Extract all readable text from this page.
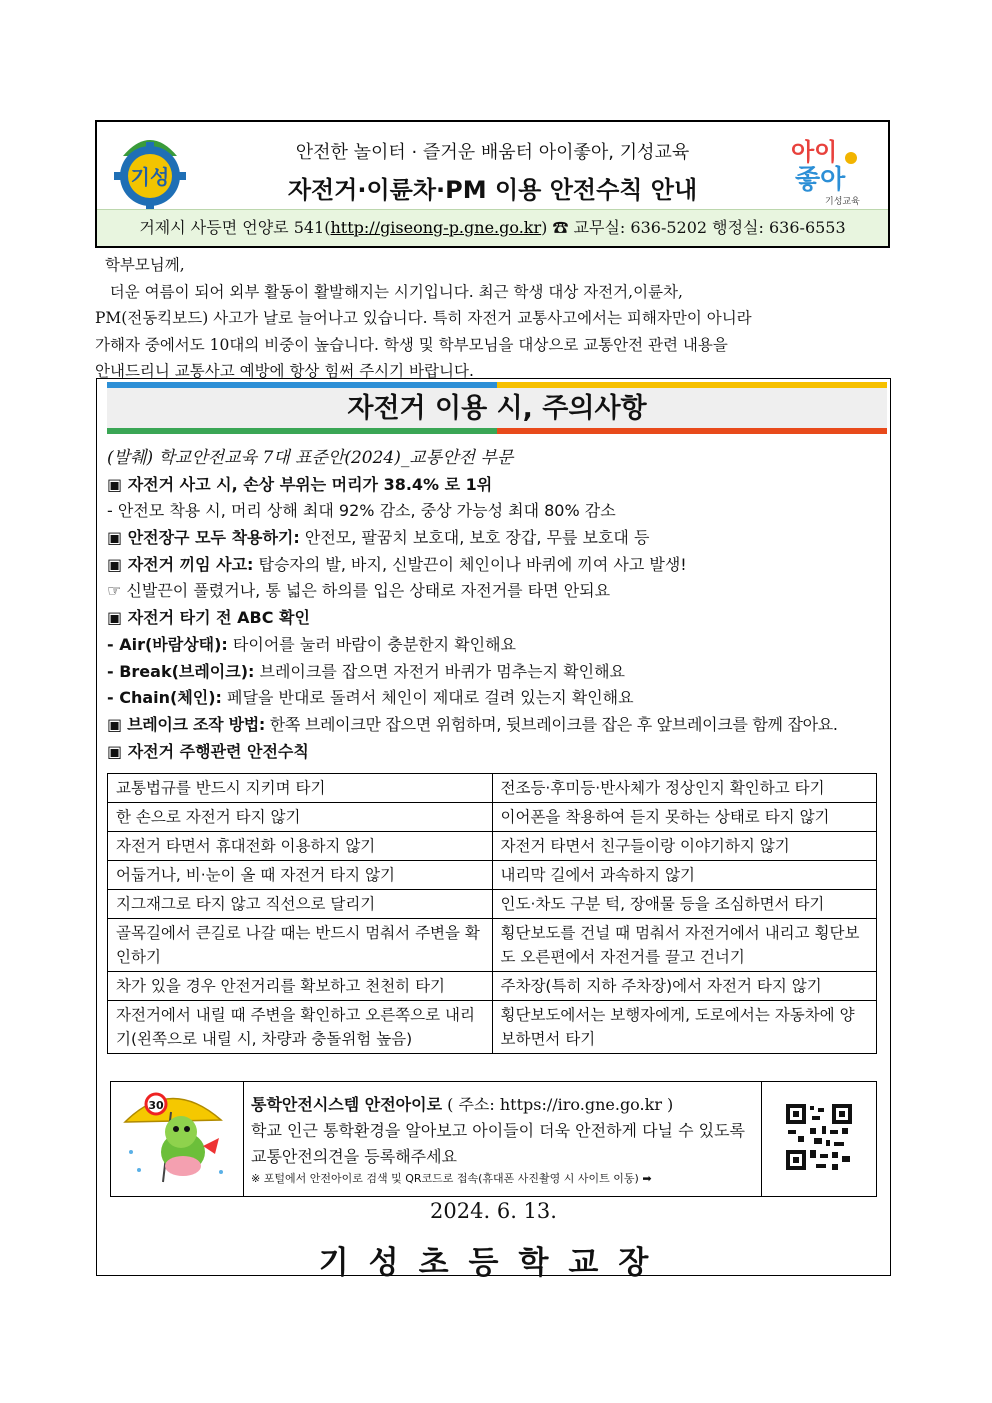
기성
안전한 놀이터 · 즐거운 배움터 아이좋아, 기성교육
자전거·이륜차·PM 이용 안전수칙 안내
아이
좋아
기성교육
거제시 사등면 언양로 541(http://giseong-p.gne.go.kr) ☎ 교무실: 636-5202 행정실: 636-6553

학부모님께,

더운 여름이 되어 외부 활동이 활발해지는 시기입니다. 최근 학생 대상 자전거,이륜차,

PM(전동킥보드) 사고가 날로 늘어나고 있습니다. 특히 자전거 교통사고에서는 피해자만이 아니라

가해자 중에서도 10대의 비중이 높습니다. 학생 및 학부모님을 대상으로 교통안전 관련 내용을

안내드리니 교통사고 예방에 항상 힘써 주시기 바랍니다.

자전거 이용 시, 주의사항
(발췌) 학교안전교육 7대 표준안(2024)_교통안전 부문
▣ 자전거 사고 시, 손상 부위는 머리가 38.4% 로 1위
- 안전모 착용 시, 머리 상해 최대 92% 감소, 중상 가능성 최대 80% 감소
▣ 안전장구 모두 착용하기: 안전모, 팔꿈치 보호대, 보호 장갑, 무릎 보호대 등
▣ 자전거 끼임 사고: 탑승자의 발, 바지, 신발끈이 체인이나 바퀴에 끼여 사고 발생!
☞ 신발끈이 풀렸거나, 통 넓은 하의를 입은 상태로 자전거를 타면 안되요
▣ 자전거 타기 전 ABC 확인
- Air(바람상태): 타이어를 눌러 바람이 충분한지 확인해요
- Break(브레이크): 브레이크를 잡으면 자전거 바퀴가 멈추는지 확인해요
- Chain(체인): 페달을 반대로 돌려서 체인이 제대로 걸려 있는지 확인해요
▣ 브레이크 조작 방법: 한쪽 브레이크만 잡으면 위험하며, 뒷브레이크를 잡은 후 앞브레이크를 함께 잡아요.
▣ 자전거 주행관련 안전수칙
교통법규를 반드시 지키며 타기	전조등·후미등·반사체가 정상인지 확인하고 타기
한 손으로 자전거 타지 않기	이어폰을 착용하여 듣지 못하는 상태로 타지 않기
자전거 타면서 휴대전화 이용하지 않기	자전거 타면서 친구들이랑 이야기하지 않기
어둡거나, 비·눈이 올 때 자전거 타지 않기	내리막 길에서 과속하지 않기
지그재그로 타지 않고 직선으로 달리기	인도·차도 구분 턱, 장애물 등을 조심하면서 타기
골목길에서 큰길로 나갈 때는 반드시 멈춰서 주변을 확인하기	횡단보도를 건널 때 멈춰서 자전거에서 내리고 횡단보도 오른편에서 자전거를 끌고 건너기
차가 있을 경우 안전거리를 확보하고 천천히 타기	주차장(특히 지하 주차장)에서 자전거 타지 않기
자전거에서 내릴 때 주변을 확인하고 오른쪽으로 내리기(왼쪽으로 내릴 시, 차량과 충돌위험 높음)	횡단보도에서는 보행자에게, 도로에서는 자동차에 양보하면서 타기
30	통학안전시스템 안전아이로 ( 주소: https://iro.gne.go.kr )
학교 인근 통학환경을 알아보고 아이들이 더욱 안전하게 다닐 수 있도록 교통안전의견을 등록해주세요
※ 포털에서 안전아이로 검색 및 QR코드로 접속(휴대폰 사진촬영 시 사이트 이동) ➡
2024. 6. 13.
기성초등학교장
